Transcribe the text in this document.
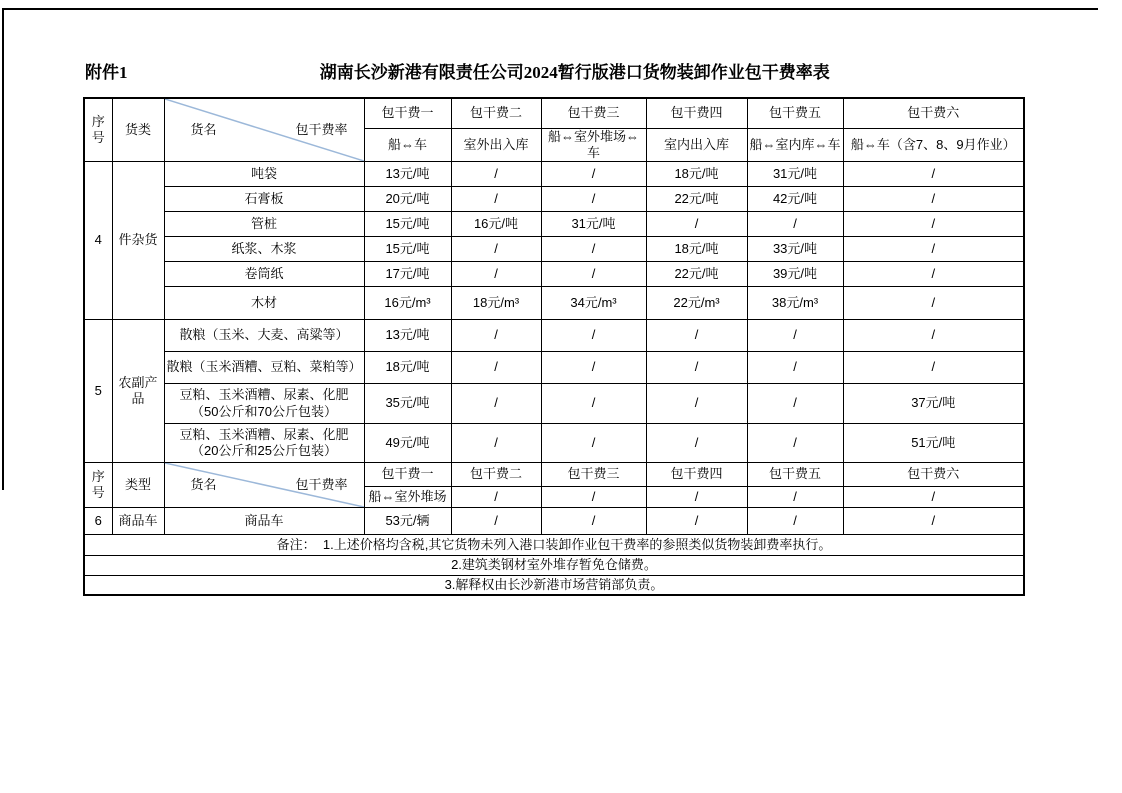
附件1	湖南长沙新港有限责任公司2024暂行版港口货物装卸作业包干费率表
序号	货类	货名 包干费率	包干费一	包干费二	包干费三	包干费四	包干费五	包干费六
			船⇔车	室外出入库	船⇔室外堆场⇔车	室内出入库	船⇔室内库⇔车	船⇔车（含7、8、9月作业）
4	件杂货	吨袋	13元/吨	/	/	18元/吨	31元/吨	/
		石膏板	20元/吨	/	/	22元/吨	42元/吨	/
		管桩	15元/吨	16元/吨	31元/吨	/	/	/
		纸浆、木浆	15元/吨	/	/	18元/吨	33元/吨	/
		卷筒纸	17元/吨	/	/	22元/吨	39元/吨	/
		木材	16元/m³	18元/m³	34元/m³	22元/m³	38元/m³	/
5	农副产品	散粮（玉米、大麦、高粱等）	13元/吨	/	/	/	/	/
		散粮（玉米酒糟、豆粕、菜粕等）	18元/吨	/	/	/	/	/

		豆粕、玉米酒糟、尿素、化肥
（50公斤和70公斤包装）	35元/吨	/	/	/	/	37元/吨

		豆粕、玉米酒糟、尿素、化肥
（20公斤和25公斤包装）	49元/吨	/	/	/	/	51元/吨
序号	类型	货名 包干费率	包干费一	包干费二	包干费三	包干费四	包干费五	包干费六
			船⇔室外堆场	/	/	/	/	/
6	商品车	商品车	53元/辆	/	/	/	/	/
备注：  1.上述价格均含税,其它货物未列入港口装卸作业包干费率的参照类似货物装卸费率执行。								
2.建筑类钢材室外堆存暂免仓储费。								
3.解释权由长沙新港市场营销部负责。								
